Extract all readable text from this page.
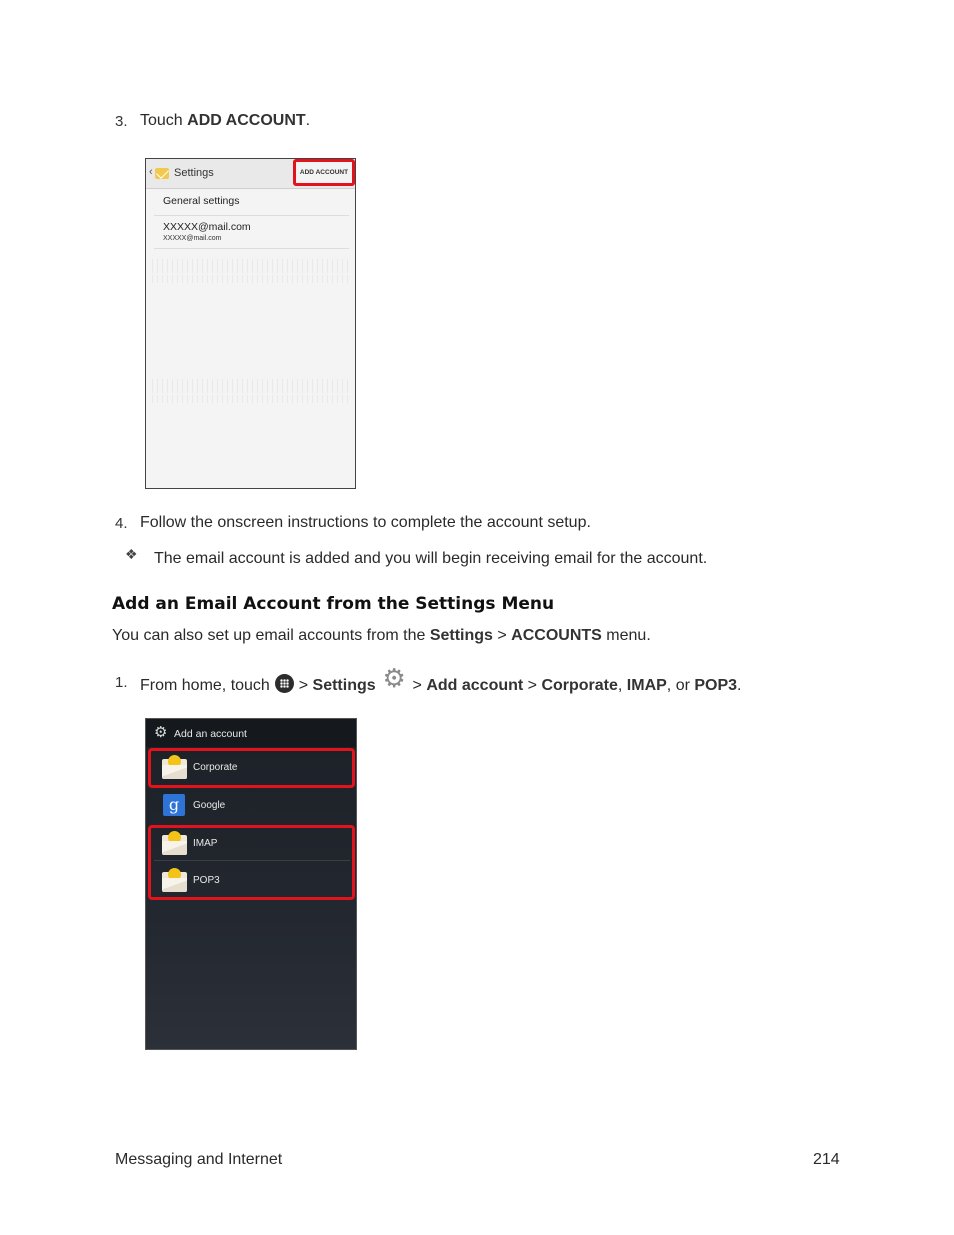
3. Touch ADD ACCOUNT.
‹ Settings	ADD ACCOUNT
General settings
XXXXX@mail.com
XXXXX@mail.com
4. Follow the onscreen instructions to complete the account setup.
❖ The email account is added and you will begin receiving email for the account.
Add an Email Account from the Settings Menu
You can also set up email accounts from the Settings > ACCOUNTS menu.
1. From home, touch  > Settings ⚙ > Add account > Corporate, IMAP, or POP3.
⚙ Add an account
Corporate
g	Google
IMAP
POP3
Messaging and Internet	214
